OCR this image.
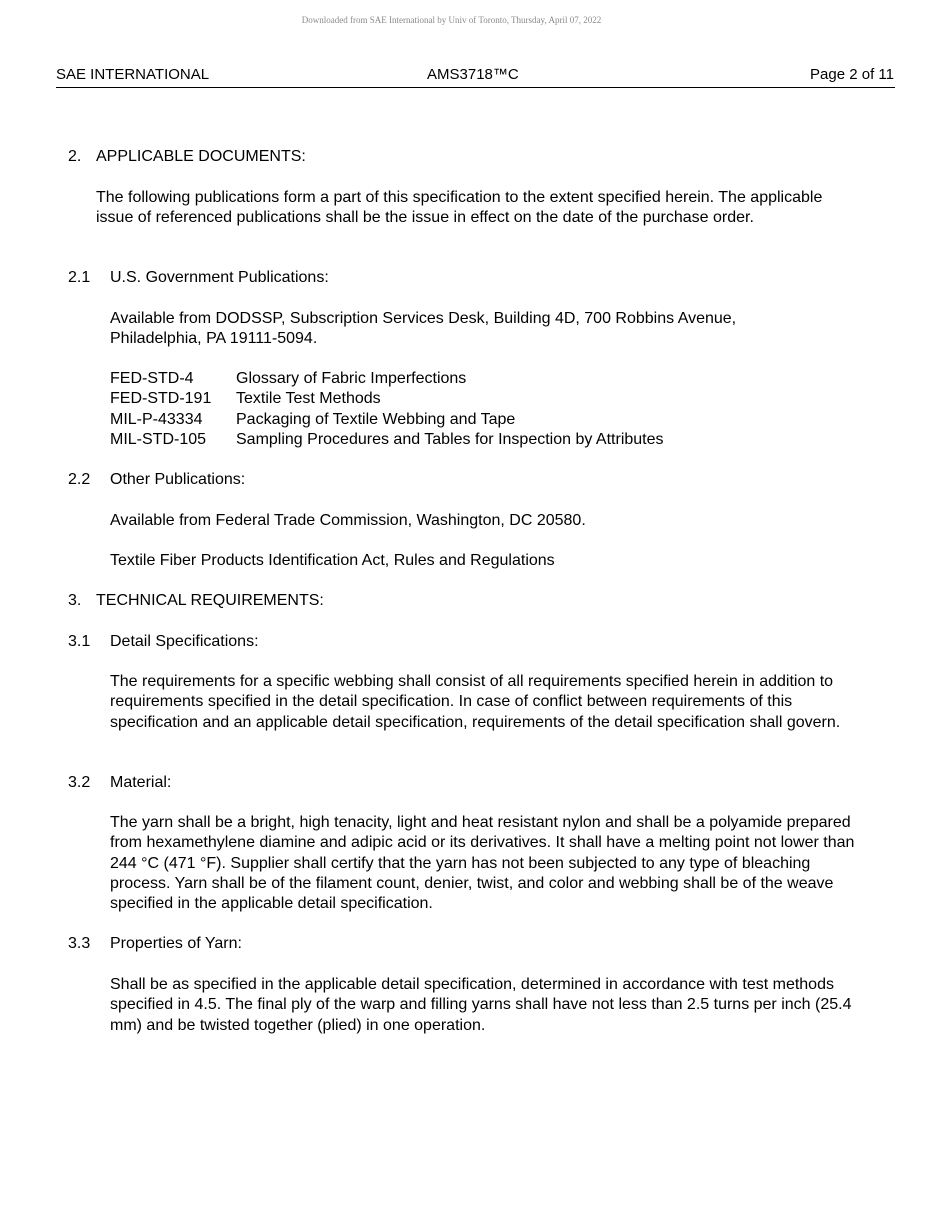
Downloaded from SAE International by Univ of Toronto, Thursday, April 07, 2022
SAE INTERNATIONAL	AMS3718™C	Page 2 of 11
2. APPLICABLE DOCUMENTS:
The following publications form a part of this specification to the extent specified herein. The applicable issue of referenced publications shall be the issue in effect on the date of the purchase order.
2.1 U.S. Government Publications:
Available from DODSSP, Subscription Services Desk, Building 4D, 700 Robbins Avenue, Philadelphia, PA 19111-5094.
FED-STD-4	Glossary of Fabric Imperfections
FED-STD-191	Textile Test Methods
MIL-P-43334	Packaging of Textile Webbing and Tape
MIL-STD-105	Sampling Procedures and Tables for Inspection by Attributes
2.2 Other Publications:
Available from Federal Trade Commission, Washington, DC 20580.
Textile Fiber Products Identification Act, Rules and Regulations
3. TECHNICAL REQUIREMENTS:
3.1 Detail Specifications:
The requirements for a specific webbing shall consist of all requirements specified herein in addition to requirements specified in the detail specification. In case of conflict between requirements of this specification and an applicable detail specification, requirements of the detail specification shall govern.
3.2 Material:
The yarn shall be a bright, high tenacity, light and heat resistant nylon and shall be a polyamide prepared from hexamethylene diamine and adipic acid or its derivatives. It shall have a melting point not lower than 244 °C (471 °F). Supplier shall certify that the yarn has not been subjected to any type of bleaching process. Yarn shall be of the filament count, denier, twist, and color and webbing shall be of the weave specified in the applicable detail specification.
3.3 Properties of Yarn:
Shall be as specified in the applicable detail specification, determined in accordance with test methods specified in 4.5. The final ply of the warp and filling yarns shall have not less than 2.5 turns per inch (25.4 mm) and be twisted together (plied) in one operation.
